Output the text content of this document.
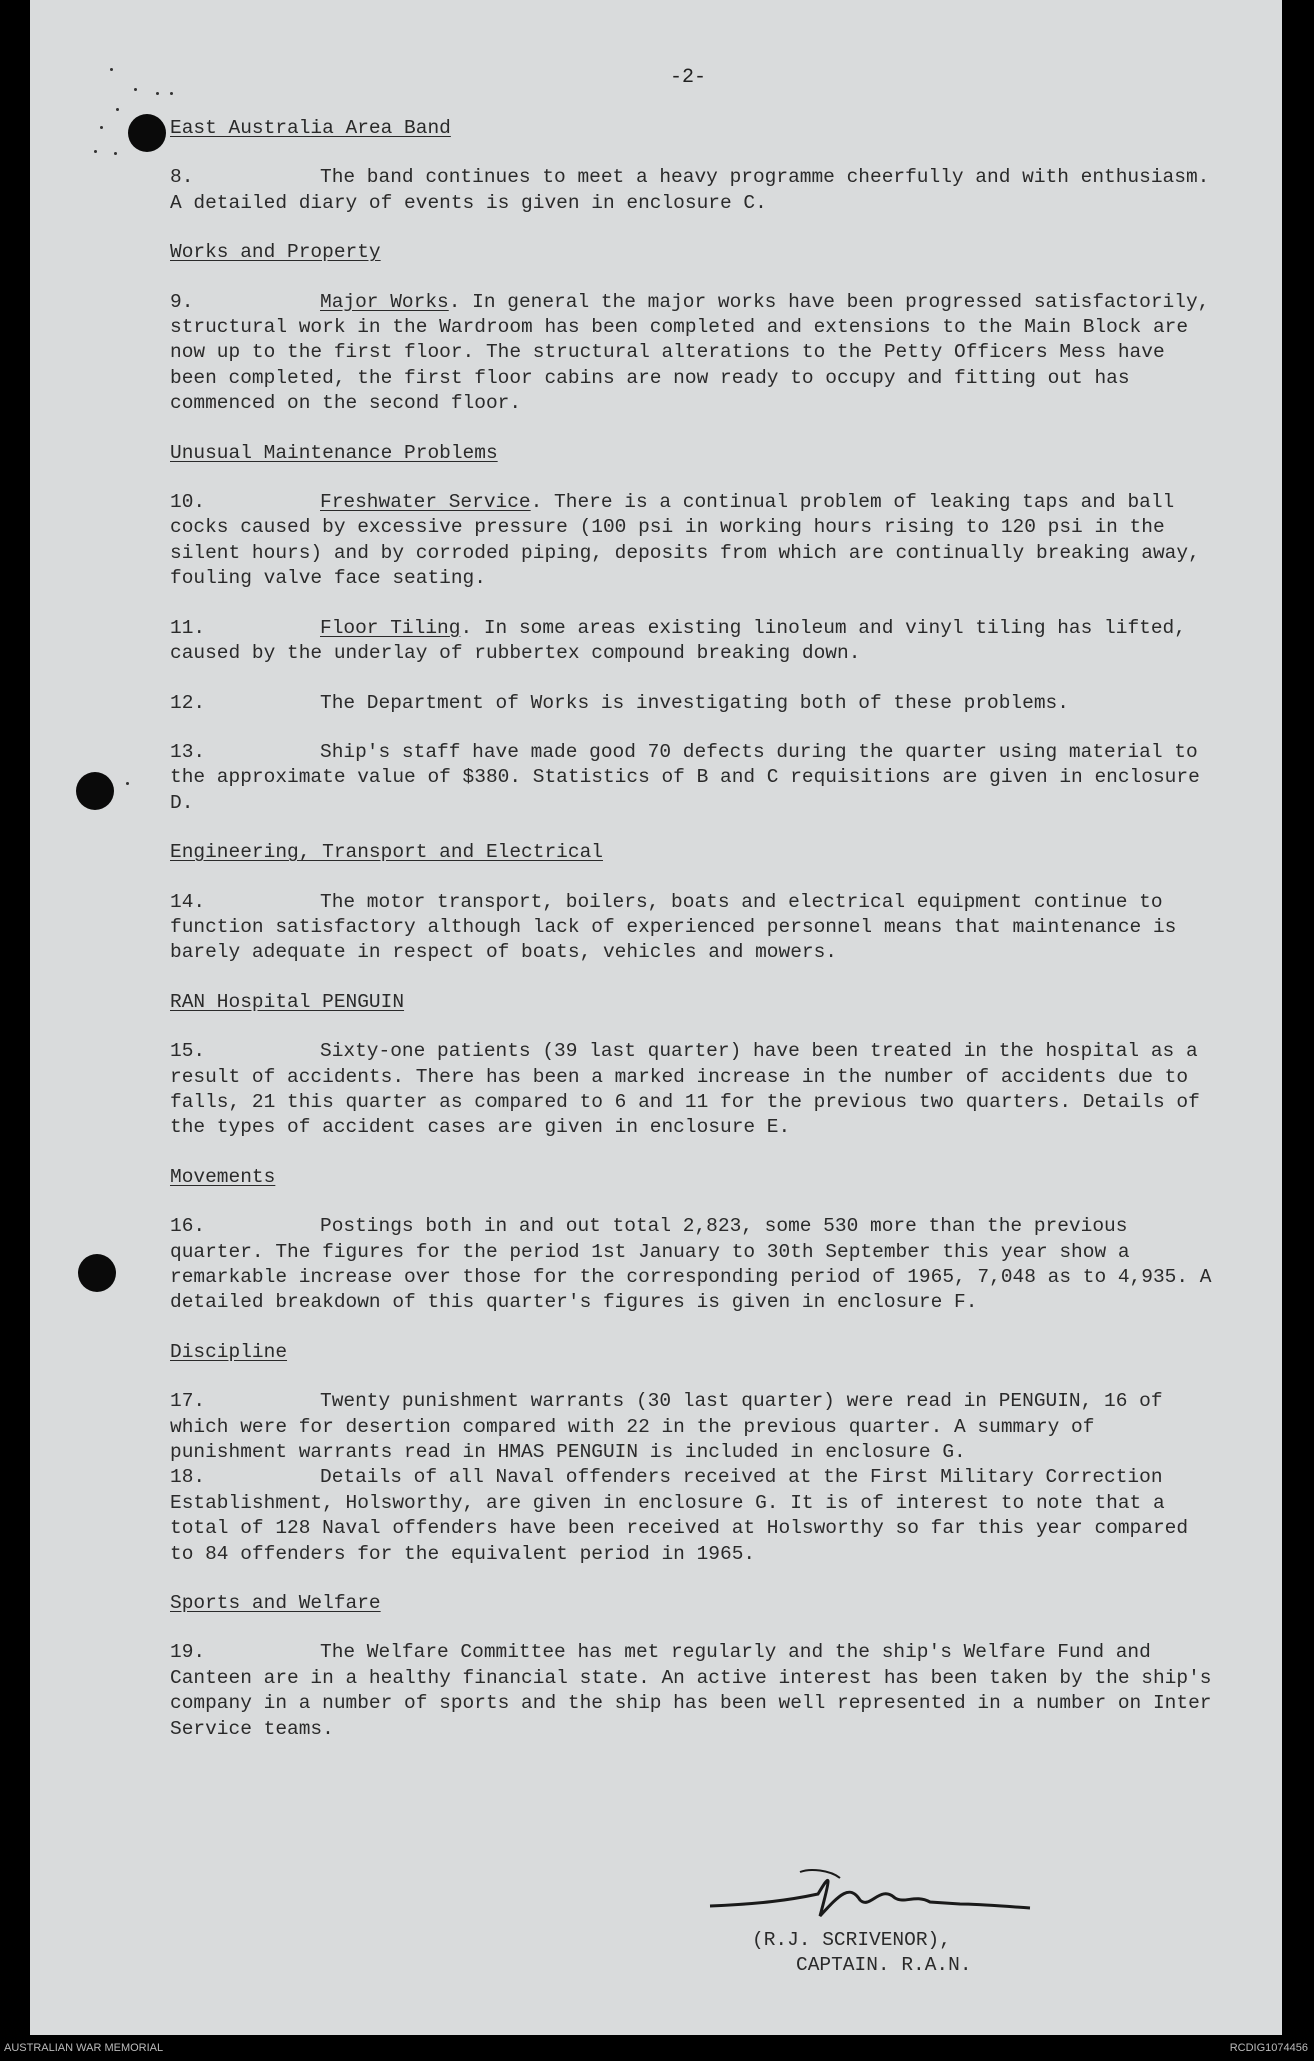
-2-

East Australia Area Band

8.	The band continues to meet a heavy programme cheerfully and with enthusiasm. A detailed diary of events is given in enclosure C.

Works and Property

9.	Major Works. In general the major works have been progressed satisfactorily, structural work in the Wardroom has been completed and extensions to the Main Block are now up to the first floor. The structural alterations to the Petty Officers Mess have been completed, the first floor cabins are now ready to occupy and fitting out has commenced on the second floor.

Unusual Maintenance Problems

10.	Freshwater Service. There is a continual problem of leaking taps and ball cocks caused by excessive pressure (100 psi in working hours rising to 120 psi in the silent hours) and by corroded piping, deposits from which are continually breaking away, fouling valve face seating.

11.	Floor Tiling. In some areas existing linoleum and vinyl tiling has lifted, caused by the underlay of rubbertex compound breaking down.

12.	The Department of Works is investigating both of these problems.

13.	Ship's staff have made good 70 defects during the quarter using material to the approximate value of $380. Statistics of B and C requisitions are given in enclosure D.

Engineering, Transport and Electrical

14.	The motor transport, boilers, boats and electrical equipment continue to function satisfactory although lack of experienced personnel means that maintenance is barely adequate in respect of boats, vehicles and mowers.

RAN Hospital PENGUIN

15.	Sixty-one patients (39 last quarter) have been treated in the hospital as a result of accidents. There has been a marked increase in the number of accidents due to falls, 21 this quarter as compared to 6 and 11 for the previous two quarters. Details of the types of accident cases are given in enclosure E.

Movements

16.	Postings both in and out total 2,823, some 530 more than the previous quarter. The figures for the period 1st January to 30th September this year show a remarkable increase over those for the corresponding period of 1965, 7,048 as to 4,935. A detailed breakdown of this quarter's figures is given in enclosure F.

Discipline

17.	Twenty punishment warrants (30 last quarter) were read in PENGUIN, 16 of which were for desertion compared with 22 in the previous quarter. A summary of punishment warrants read in HMAS PENGUIN is included in enclosure G.

18.	Details of all Naval offenders received at the First Military Correction Establishment, Holsworthy, are given in enclosure G. It is of interest to note that a total of 128 Naval offenders have been received at Holsworthy so far this year compared to 84 offenders for the equivalent period in 1965.

Sports and Welfare

19.	The Welfare Committee has met regularly and the ship's Welfare Fund and Canteen are in a healthy financial state. An active interest has been taken by the ship's company in a number of sports and the ship has been well represented in a number on Inter Service teams.

(R.J. SCRIVENOR),
CAPTAIN. R.A.N.
AUSTRALIAN WAR MEMORIAL	RCDIG1074456
